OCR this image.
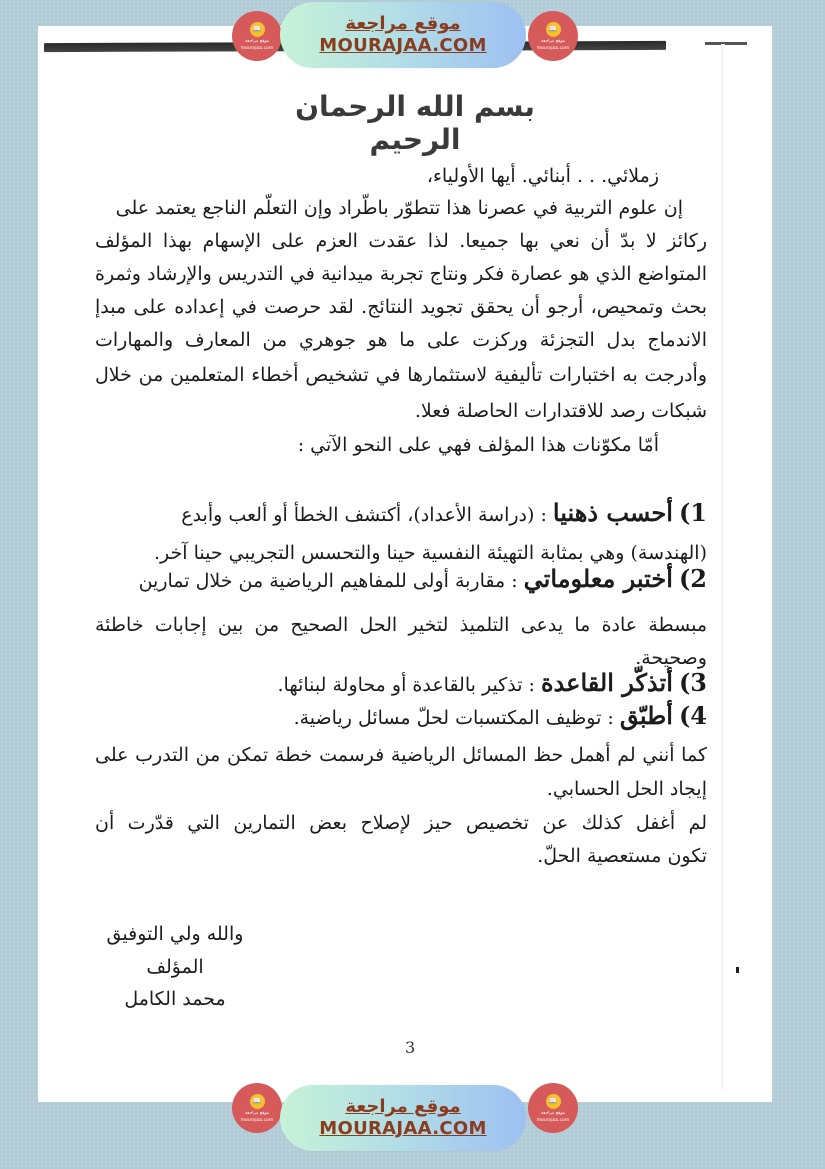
📖
موقع مراجعة
mourajaa.com
موقع مراجعة
MOURAJAA.COM
📖
موقع مراجعة
mourajaa.com
بسم الله الرحمان الرحيم
زملائي. . . أبنائي. أيها الأولياء،
إن علوم التربية في عصرنا هذا تتطوّر باطّراد وإن التعلّم الناجع يعتمد على
ركائز لا بدّ أن نعي بها جميعا. لذا عقدت العزم على الإسهام بهذا المؤلف
المتواضع الذي هو عصارة فكر ونتاج تجربة ميدانية في التدريس والإرشاد وثمرة
بحث وتمحيص، أرجو أن يحقق تجويد النتائج. لقد حرصت في إعداده على مبدإ
الاندماج بدل التجزئة وركزت على ما هو جوهري من المعارف والمهارات
وأدرجت به اختبارات تأليفية لاستثمارها في تشخيص أخطاء المتعلمين من خلال
شبكات رصد للاقتدارات الحاصلة فعلا.
أمّا مكوّنات هذا المؤلف فهي على النحو الآتي :
1) أحسب ذهنيا : (دراسة الأعداد)، أكتشف الخطأ أو ألعب وأبدع
(الهندسة) وهي بمثابة التهيئة النفسية حينا والتحسس التجريبي حينا آخر.
2) أختبر معلوماتي : مقاربة أولى للمفاهيم الرياضية من خلال تمارين
مبسطة عادة ما يدعى التلميذ لتخير الحل الصحيح من بين إجابات خاطئة
وصحيحة.
3) أتذكّر القاعدة : تذكير بالقاعدة أو محاولة لبنائها.
4) أطبّق : توظيف المكتسبات لحلّ مسائل رياضية.
كما أنني لم أهمل حظ المسائل الرياضية فرسمت خطة تمكن من التدرب على
إيجاد الحل الحسابي.
لم أغفل كذلك عن تخصيص حيز لإصلاح بعض التمارين التي قدّرت أن
تكون مستعصية الحلّ.
والله ولي التوفيق
المؤلف
محمد الكامل
3
📖
موقع مراجعة
mourajaa.com
موقع مراجعة
MOURAJAA.COM
📖
موقع مراجعة
mourajaa.com
